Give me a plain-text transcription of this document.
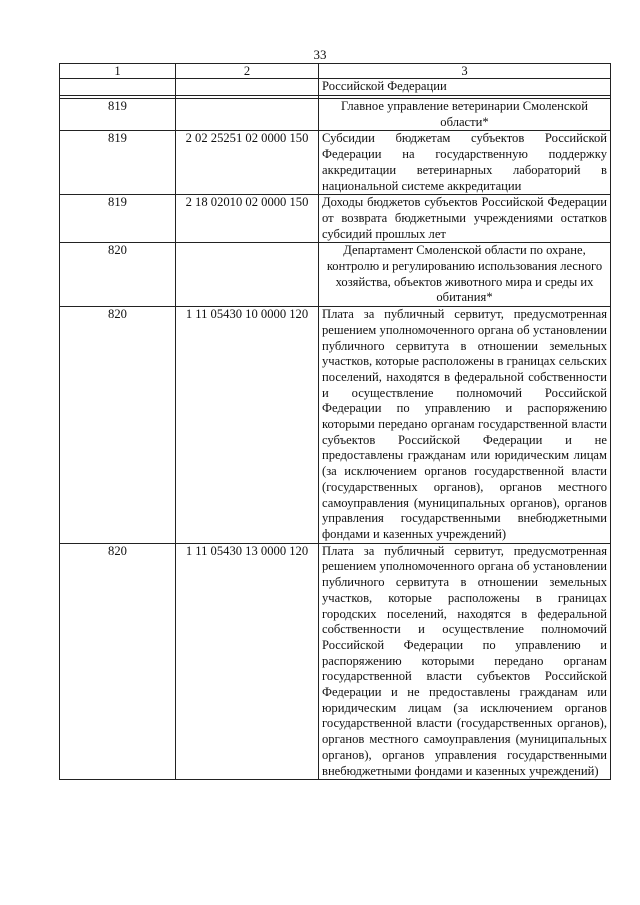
33
1	2	3
		Российской Федерации

819		Главное управление ветеринарии Смоленской области*
819	2 02 25251 02 0000 150	Субсидии бюджетам субъектов Российской Федерации на государственную поддержку аккредитации ветеринарных лабораторий в национальной системе аккредитации
819	2 18 02010 02 0000 150	Доходы бюджетов субъектов Российской Федерации от возврата бюджетными учреждениями остатков субсидий прошлых лет
820		Департамент Смоленской области по охране, контролю и регулированию использования лесного хозяйства, объектов животного мира и среды их обитания*
820	1 11 05430 10 0000 120	Плата за публичный сервитут, предусмотренная решением уполномоченного органа об установлении публичного сервитута в отношении земельных участков, которые расположены в границах сельских поселений, находятся в федеральной собственности и осуществление полномочий Российской Федерации по управлению и распоряжению которыми передано органам государственной власти субъектов Российской Федерации и не предоставлены гражданам или юридическим лицам (за исключением органов государственной власти (государственных органов), органов местного самоуправления (муниципальных органов), органов управления государственными внебюджетными фондами и казенных учреждений)
820	1 11 05430 13 0000 120	Плата за публичный сервитут, предусмотренная решением уполномоченного органа об установлении публичного сервитута в отношении земельных участков, которые расположены в границах городских поселений, находятся в федеральной собственности и осуществление полномочий Российской Федерации по управлению и распоряжению которыми передано органам государственной власти субъектов Российской Федерации и не предоставлены гражданам или юридическим лицам (за исключением органов государственной власти (государственных органов), органов местного самоуправления (муниципальных органов), органов управления государственными внебюджетными фондами и казенных учреждений)
